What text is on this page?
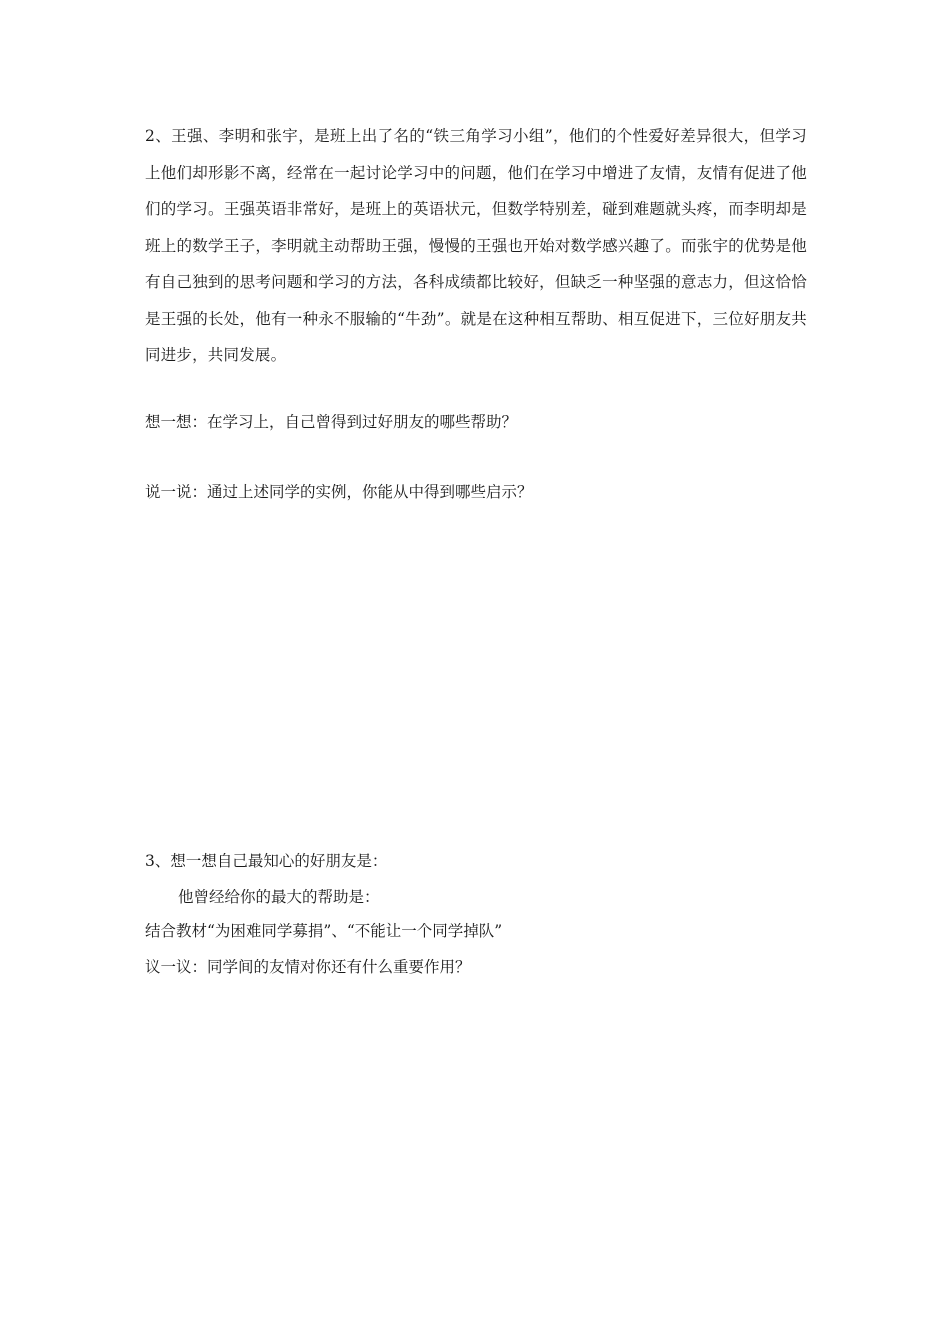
2、王强、李明和张宇，是班上出了名的“铁三角学习小组”，他们的个性爱好差异很大，但学习上他们却形影不离，经常在一起讨论学习中的问题，他们在学习中增进了友情，友情有促进了他们的学习。王强英语非常好，是班上的英语状元，但数学特别差，碰到难题就头疼，而李明却是班上的数学王子，李明就主动帮助王强，慢慢的王强也开始对数学感兴趣了。而张宇的优势是他有自己独到的思考问题和学习的方法，各科成绩都比较好，但缺乏一种坚强的意志力，但这恰恰是王强的长处，他有一种永不服输的“牛劲”。就是在这种相互帮助、相互促进下，三位好朋友共同进步，共同发展。

想一想：在学习上，自己曾得到过好朋友的哪些帮助？

说一说：通过上述同学的实例，你能从中得到哪些启示？

3、想一想自己最知心的好朋友是：

他曾经给你的最大的帮助是：

结合教材“为困难同学募捐”、“不能让一个同学掉队”

议一议：同学间的友情对你还有什么重要作用？
